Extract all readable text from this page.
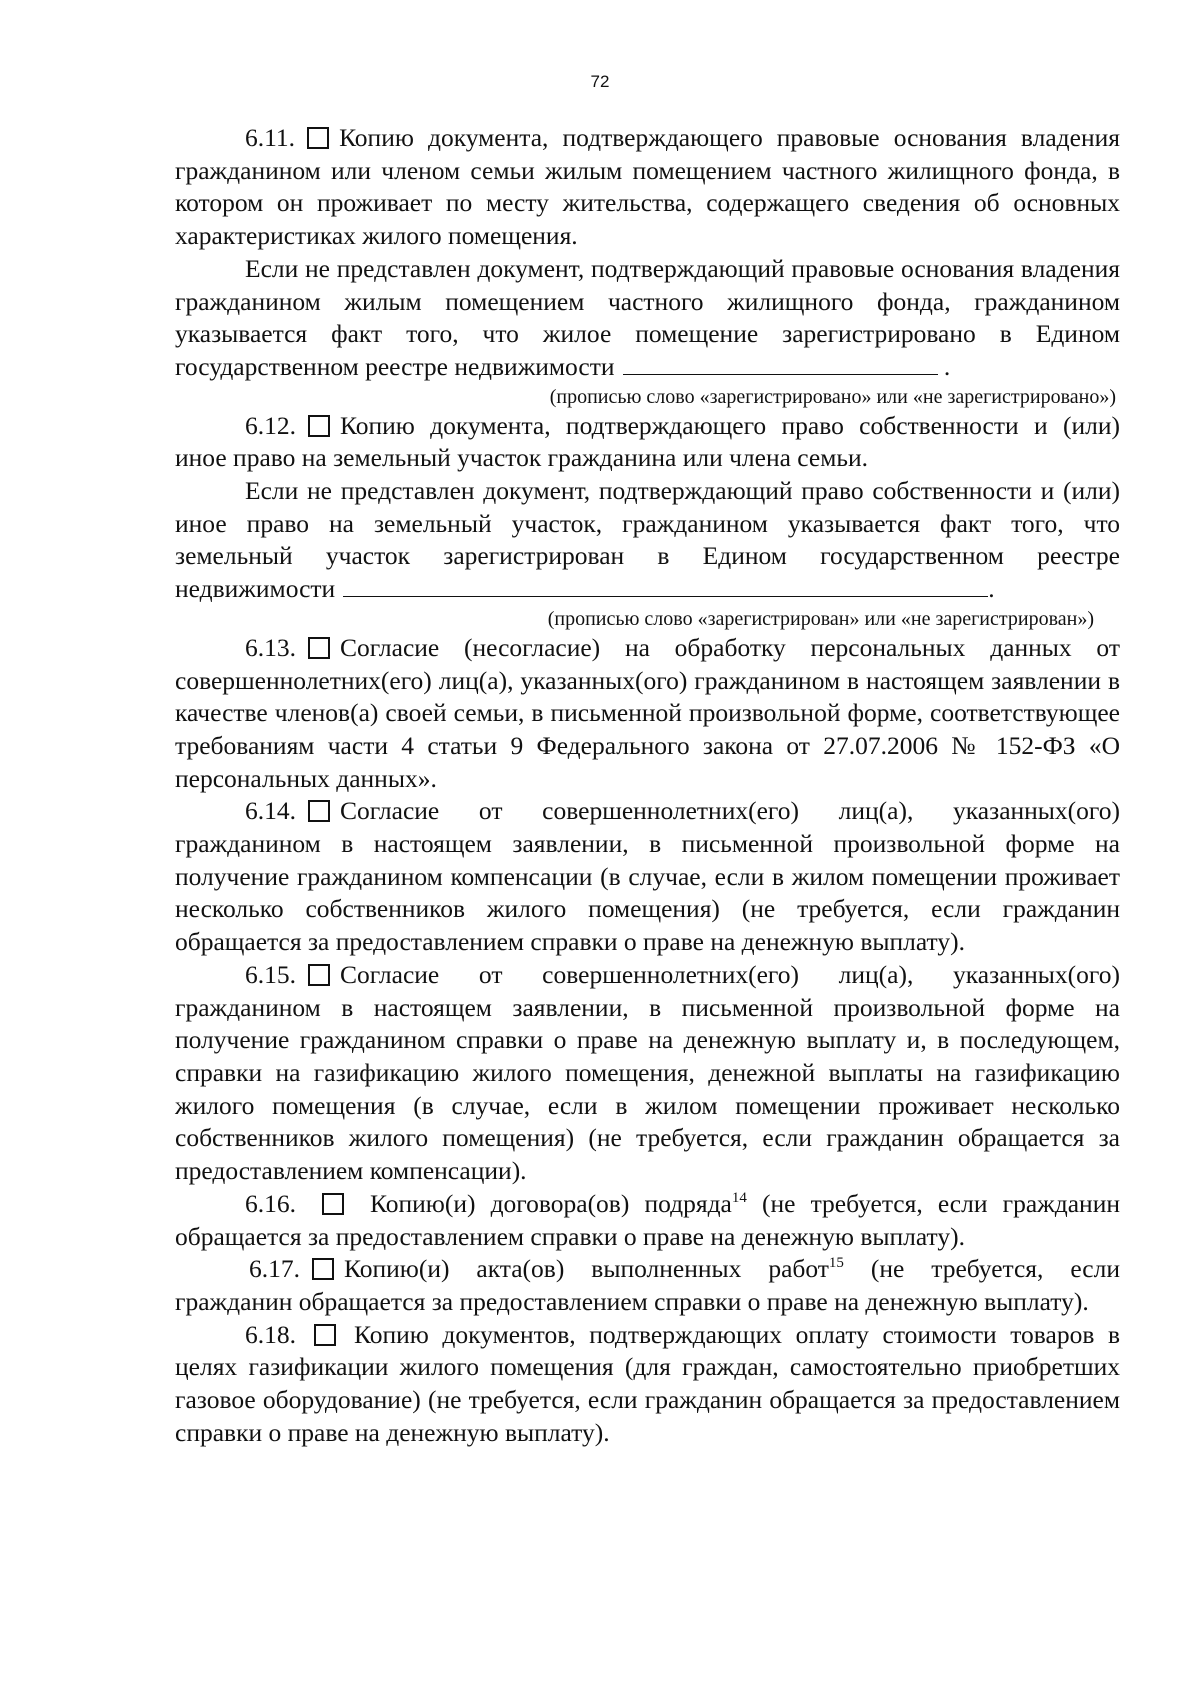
72

6.11. Копию документа, подтверждающего правовые основания владения гражданином или членом семьи жилым помещением частного жилищного фонда, в котором он проживает по месту жительства, содержащего сведения об основных характеристиках жилого помещения.

Если не представлен документ, подтверждающий правовые основания владения гражданином жилым помещением частного жилищного фонда, гражданином указывается факт того, что жилое помещение зарегистрировано в Едином государственном реестре недвижимости	.

(прописью слово «зарегистрировано» или «не зарегистрировано»)

6.12. Копию документа, подтверждающего право собственности и (или) иное право на земельный участок гражданина или члена семьи.

Если не представлен документ, подтверждающий право собственности и (или) иное право на земельный участок, гражданином указывается факт того, что земельный участок зарегистрирован в Едином государственном реестре недвижимости	.

(прописью слово «зарегистрирован» или «не зарегистрирован»)

6.13. Согласие (несогласие) на обработку персональных данных от совершеннолетних(его) лиц(а), указанных(ого) гражданином в настоящем заявлении в качестве членов(а) своей семьи, в письменной произвольной форме, соответствующее требованиям части 4 статьи 9 Федерального закона от 27.07.2006 № 152-ФЗ «О персональных данных».

6.14. Согласие от совершеннолетних(его) лиц(а), указанных(ого) гражданином в настоящем заявлении, в письменной произвольной форме на получение гражданином компенсации (в случае, если в жилом помещении проживает несколько собственников жилого помещения) (не требуется, если гражданин обращается за предоставлением справки о праве на денежную выплату).

6.15. Согласие от совершеннолетних(его) лиц(а), указанных(ого) гражданином в настоящем заявлении, в письменной произвольной форме на получение гражданином справки о праве на денежную выплату и, в последующем, справки на газификацию жилого помещения, денежной выплаты на газификацию жилого помещения (в случае, если в жилом помещении проживает несколько собственников жилого помещения) (не требуется, если гражданин обращается за предоставлением компенсации).

6.16.	Копию(и) договора(ов) подряда$^{14}$ (не требуется, если гражданин обращается за предоставлением справки о праве на денежную выплату).

6.17. Копию(и) акта(ов) выполненных работ$^{15}$ (не требуется, если гражданин обращается за предоставлением справки о праве на денежную выплату).

6.18. Копию документов, подтверждающих оплату стоимости товаров в целях газификации жилого помещения (для граждан, самостоятельно приобретших газовое оборудование) (не требуется, если гражданин обращается за предоставлением справки о праве на денежную выплату).
